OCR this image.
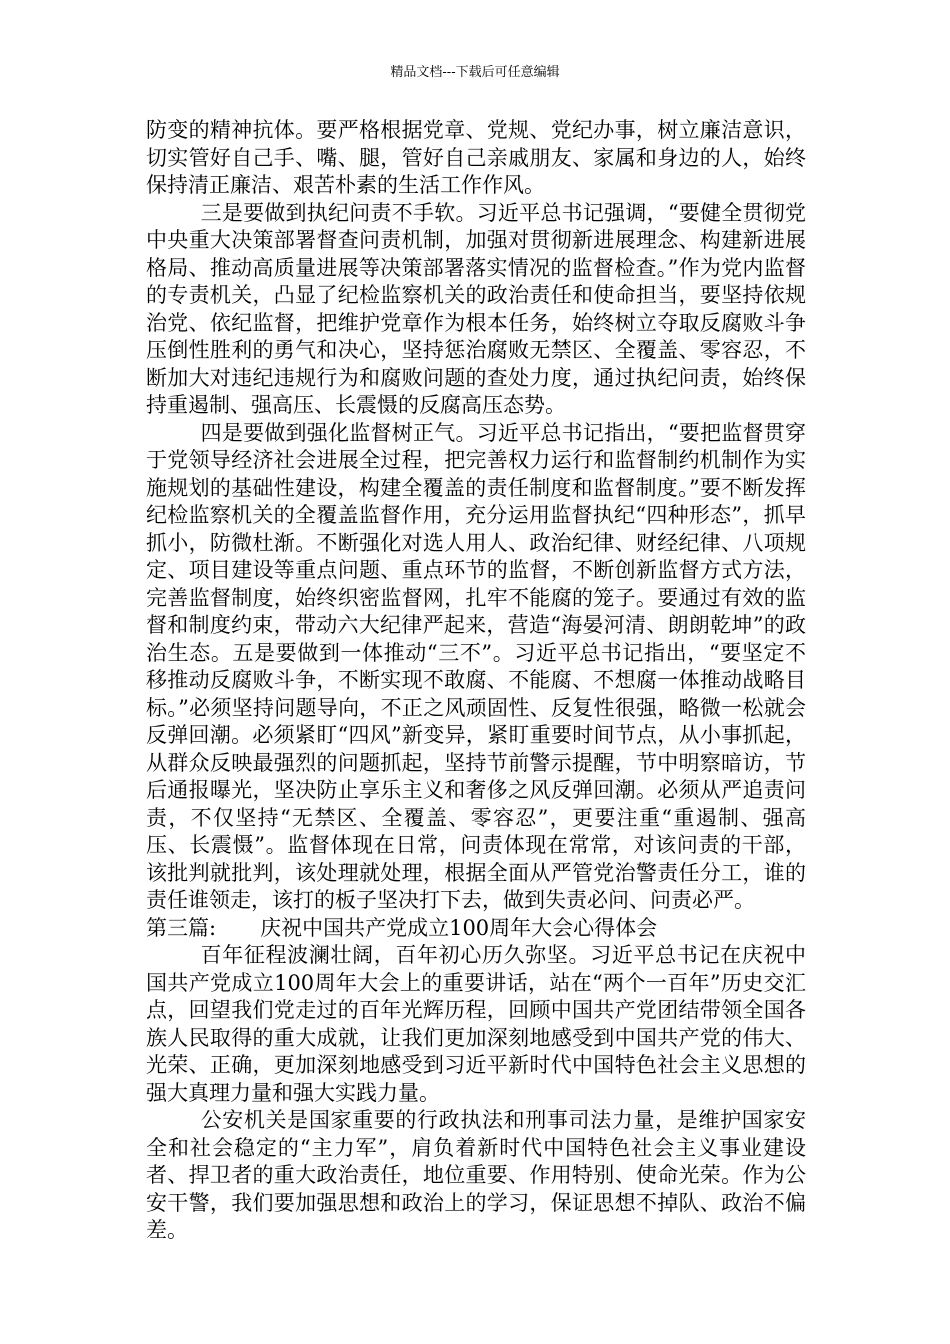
精品文档---下载后可任意编辑

防变的精神抗体。要严格根据党章、党规、党纪办事，树立廉洁意识，切实管好自己手、嘴、腿，管好自己亲戚朋友、家属和身边的人，始终保持清正廉洁、艰苦朴素的生活工作作风。

三是要做到执纪问责不手软。习近平总书记强调，“要健全贯彻党中央重大决策部署督查问责机制，加强对贯彻新进展理念、构建新进展格局、推动高质量进展等决策部署落实情况的监督检查。”作为党内监督的专责机关，凸显了纪检监察机关的政治责任和使命担当，要坚持依规治党、依纪监督，把维护党章作为根本任务，始终树立夺取反腐败斗争压倒性胜利的勇气和决心，坚持惩治腐败无禁区、全覆盖、零容忍，不断加大对违纪违规行为和腐败问题的查处力度，通过执纪问责，始终保持重遏制、强高压、长震慑的反腐高压态势。

四是要做到强化监督树正气。习近平总书记指出，“要把监督贯穿于党领导经济社会进展全过程，把完善权力运行和监督制约机制作为实施规划的基础性建设，构建全覆盖的责任制度和监督制度。”要不断发挥纪检监察机关的全覆盖监督作用，充分运用监督执纪“四种形态”，抓早抓小，防微杜渐。不断强化对选人用人、政治纪律、财经纪律、八项规定、项目建设等重点问题、重点环节的监督，不断创新监督方式方法，完善监督制度，始终织密监督网，扎牢不能腐的笼子。要通过有效的监督和制度约束，带动六大纪律严起来，营造“海晏河清、朗朗乾坤”的政治生态。五是要做到一体推动“三不”。习近平总书记指出，“要坚定不移推动反腐败斗争，不断实现不敢腐、不能腐、不想腐一体推动战略目标。”必须坚持问题导向，不正之风顽固性、反复性很强，略微一松就会反弹回潮。必须紧盯“四风”新变异，紧盯重要时间节点，从小事抓起，从群众反映最强烈的问题抓起，坚持节前警示提醒，节中明察暗访，节后通报曝光，坚决防止享乐主义和奢侈之风反弹回潮。必须从严追责问责，不仅坚持“无禁区、全覆盖、零容忍”，更要注重“重遏制、强高压、长震慑”。监督体现在日常，问责体现在常常，对该问责的干部，该批判就批判，该处理就处理，根据全面从严管党治警责任分工，谁的责任谁领走，该打的板子坚决打下去，做到失责必问、问责必严。

第三篇: 庆祝中国共产党成立100周年大会心得体会

百年征程波澜壮阔，百年初心历久弥坚。习近平总书记在庆祝中国共产党成立100周年大会上的重要讲话，站在“两个一百年”历史交汇点，回望我们党走过的百年光辉历程，回顾中国共产党团结带领全国各族人民取得的重大成就，让我们更加深刻地感受到中国共产党的伟大、光荣、正确，更加深刻地感受到习近平新时代中国特色社会主义思想的强大真理力量和强大实践力量。

公安机关是国家重要的行政执法和刑事司法力量，是维护国家安全和社会稳定的“主力军”，肩负着新时代中国特色社会主义事业建设者、捍卫者的重大政治责任，地位重要、作用特别、使命光荣。作为公安干警，我们要加强思想和政治上的学习，保证思想不掉队、政治不偏差。
